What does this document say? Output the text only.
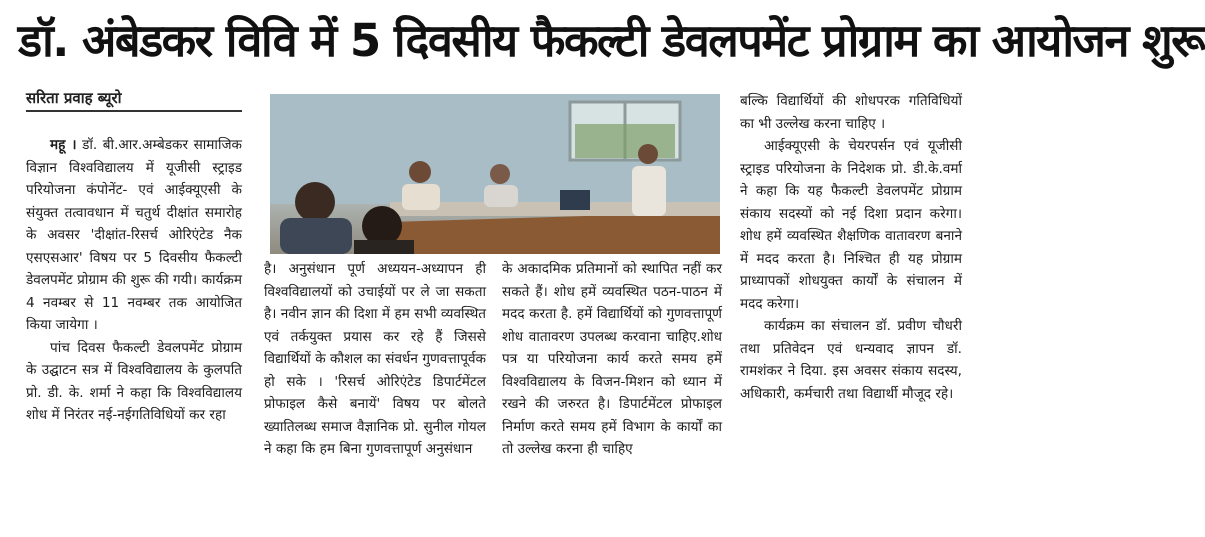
डॉ. अंबेडकर विवि में 5 दिवसीय फैकल्टी डेवलपमेंट प्रोग्राम का आयोजन शुरू
सरिता प्रवाह ब्यूरो

महू । डॉ. बी.आर.अम्बेडकर सामाजिक विज्ञान विश्वविद्यालय में यूजीसी स्ट्राइड परियोजना कंपोनेंट- एवं आईक्यूएसी के संयुक्त तत्वावधान में चतुर्थ दीक्षांत समारोह के अवसर 'दीक्षांत-रिसर्च ओरिएंटेड नैक एसएसआर' विषय पर 5 दिवसीय फैकल्टी डेवलपमेंट प्रोग्राम की शुरू की गयी। कार्यक्रम 4 नवम्बर से 11 नवम्बर तक आयोजित किया जायेगा ।

पांच दिवस फैकल्टी डेवलपमेंट प्रोग्राम के उद्घाटन सत्र में विश्वविद्यालय के कुलपति प्रो. डी. के. शर्मा ने कहा कि विश्वविद्यालय शोध में निरंतर नई-नईगतिविधियों कर रहा

है। अनुसंधान पूर्ण अध्ययन-अध्यापन ही विश्वविद्यालयों को उचाईयों पर ले जा सकता है। नवीन ज्ञान की दिशा में हम सभी व्यवस्थित एवं तर्कयुक्त प्रयास कर रहे हैं जिससे विद्यार्थियों के कौशल का संवर्धन गुणवत्तापूर्वक हो सके । 'रिसर्च ओरिएंटेड डिपार्टमेंटल प्रोफाइल कैसे बनायें' विषय पर बोलते ख्यातिलब्ध समाज वैज्ञानिक प्रो. सुनील गोयल ने कहा कि हम बिना गुणवत्तापूर्ण अनुसंधान

के अकादमिक प्रतिमानों को स्थापित नहीं कर सकते हैं। शोध हमें व्यवस्थित पठन-पाठन में मदद करता है. हमें विद्यार्थियों को गुणवत्तापूर्ण शोध वातावरण उपलब्ध करवाना चाहिए.शोध पत्र या परियोजना कार्य करते समय हमें विश्वविद्यालय के विजन-मिशन को ध्यान में रखने की जरुरत है। डिपार्टमेंटल प्रोफाइल निर्माण करते समय हमें विभाग के कार्यों का तो उल्लेख करना ही चाहिए

बल्कि विद्यार्थियों की शोधपरक गतिविधियों का भी उल्लेख करना चाहिए ।

आईक्यूएसी के चेयरपर्सन एवं यूजीसी स्ट्राइड परियोजना के निदेशक प्रो. डी.के.वर्मा ने कहा कि यह फैकल्टी डेवलपमेंट प्रोग्राम संकाय सदस्यों को नई दिशा प्रदान करेगा। शोध हमें व्यवस्थित शैक्षणिक वातावरण बनाने में मदद करता है। निश्चित ही यह प्रोग्राम प्राध्यापकों शोधयुक्त कार्यों के संचालन में मदद करेगा।

कार्यक्रम का संचालन डॉ. प्रवीण चौधरी तथा प्रतिवेदन एवं धन्यवाद ज्ञापन डॉ. रामशंकर ने दिया. इस अवसर संकाय सदस्य, अधिकारी, कर्मचारी तथा विद्यार्थी मौजूद रहे।
